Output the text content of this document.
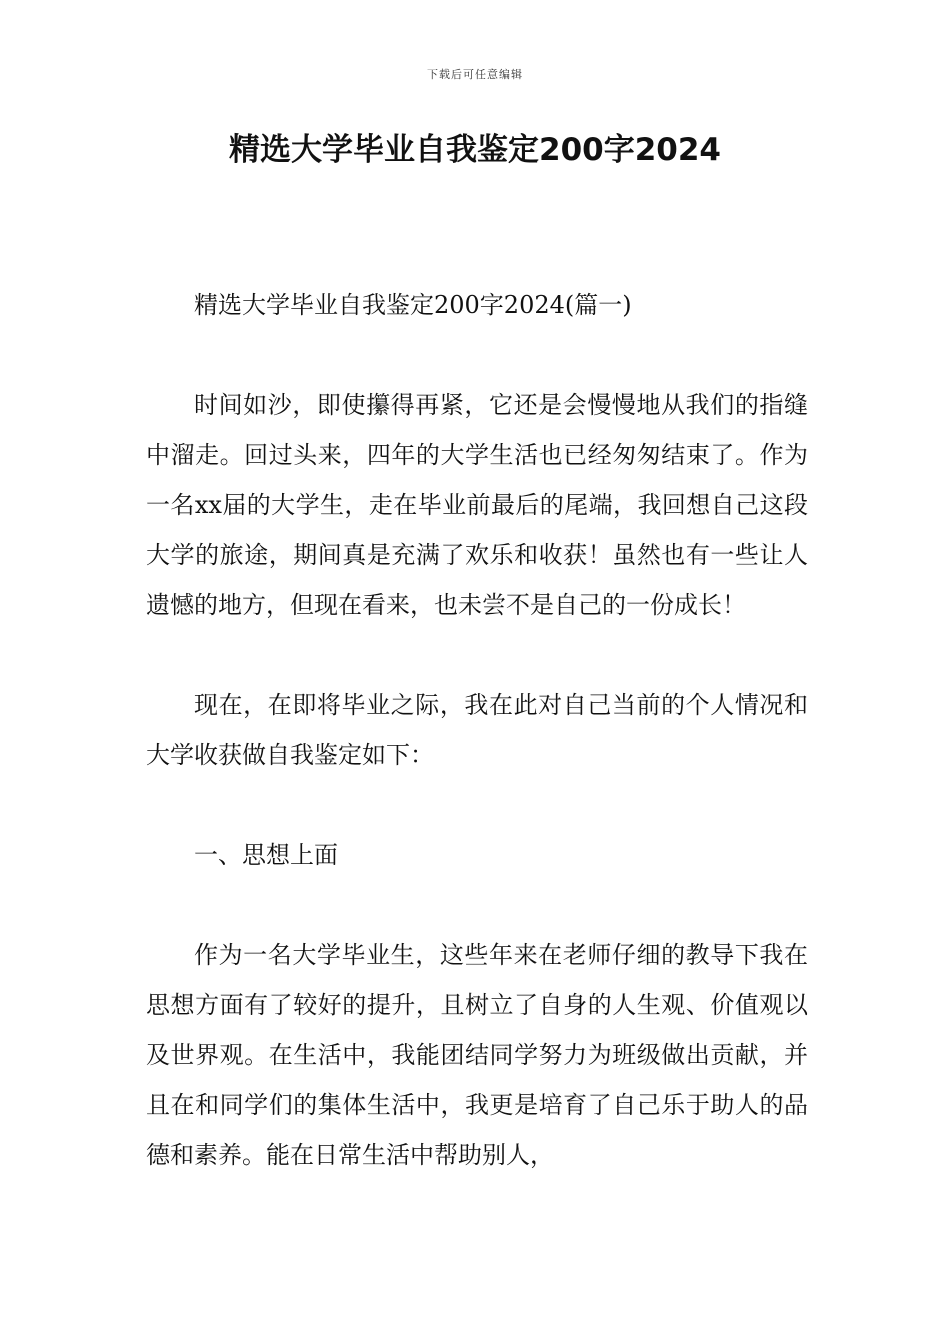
下载后可任意编辑
精选大学毕业自我鉴定200字2024

精选大学毕业自我鉴定200字2024(篇一)

时间如沙，即使攥得再紧，它还是会慢慢地从我们的指缝中溜走。回过头来，四年的大学生活也已经匆匆结束了。作为一名xx届的大学生，走在毕业前最后的尾端，我回想自己这段大学的旅途，期间真是充满了欢乐和收获！虽然也有一些让人遗憾的地方，但现在看来，也未尝不是自己的一份成长！

现在，在即将毕业之际，我在此对自己当前的个人情况和大学收获做自我鉴定如下：

一、思想上面

作为一名大学毕业生，这些年来在老师仔细的教导下我在思想方面有了较好的提升，且树立了自身的人生观、价值观以及世界观。在生活中，我能团结同学努力为班级做出贡献，并且在和同学们的集体生活中，我更是培育了自己乐于助人的品德和素养。能在日常生活中帮助别人，
